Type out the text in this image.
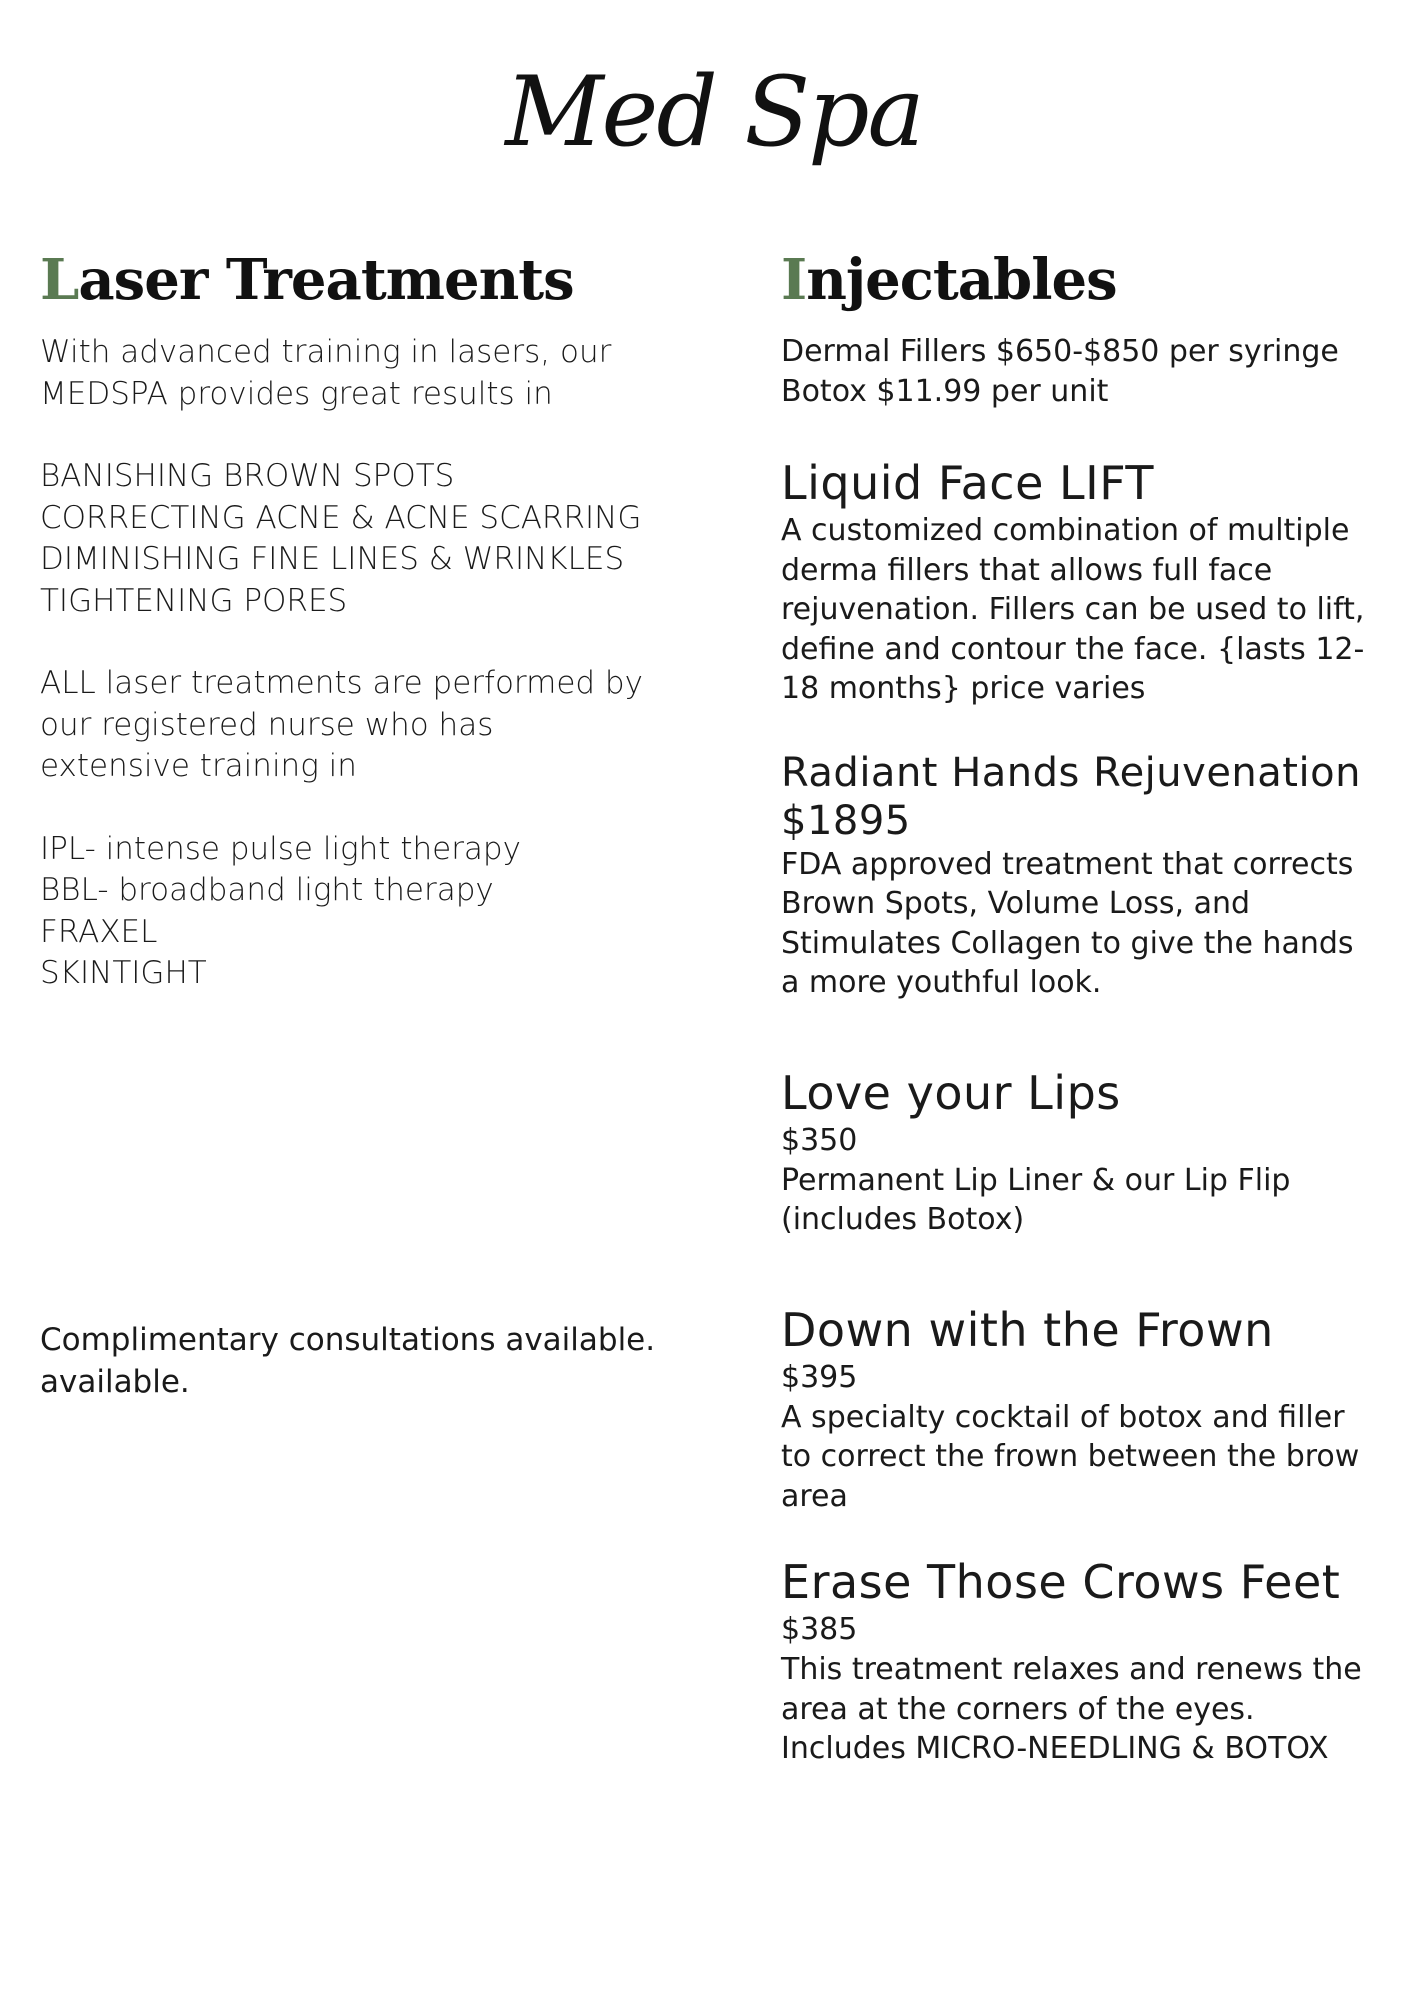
Med Spa
Laser Treatments

With advanced training in lasers, our
MEDSPA provides great results in

BANISHING BROWN SPOTS
CORRECTING ACNE & ACNE SCARRING
DIMINISHING FINE LINES & WRINKLES
TIGHTENING PORES

ALL laser treatments are performed by
our registered nurse who has
extensive training in

IPL- intense pulse light therapy
BBL- broadband light therapy
FRAXEL
SKINTIGHT

Complimentary consultations available.
available.

Injectables

Dermal Fillers $650-$850 per syringe
Botox $11.99 per unit

Liquid Face LIFT

A customized combination of multiple
derma fillers that allows full face
rejuvenation. Fillers can be used to lift,
define and contour the face. {lasts 12-
18 months} price varies

Radiant Hands Rejuvenation
$1895

FDA approved treatment that corrects
Brown Spots, Volume Loss, and
Stimulates Collagen to give the hands
a more youthful look.

Love your Lips

$350

Permanent Lip Liner & our Lip Flip
(includes Botox)

Down with the Frown

$395

A specialty cocktail of botox and filler
to correct the frown between the brow
area

Erase Those Crows Feet

$385

This treatment relaxes and renews the
area at the corners of the eyes.
Includes MICRO-NEEDLING & BOTOX
